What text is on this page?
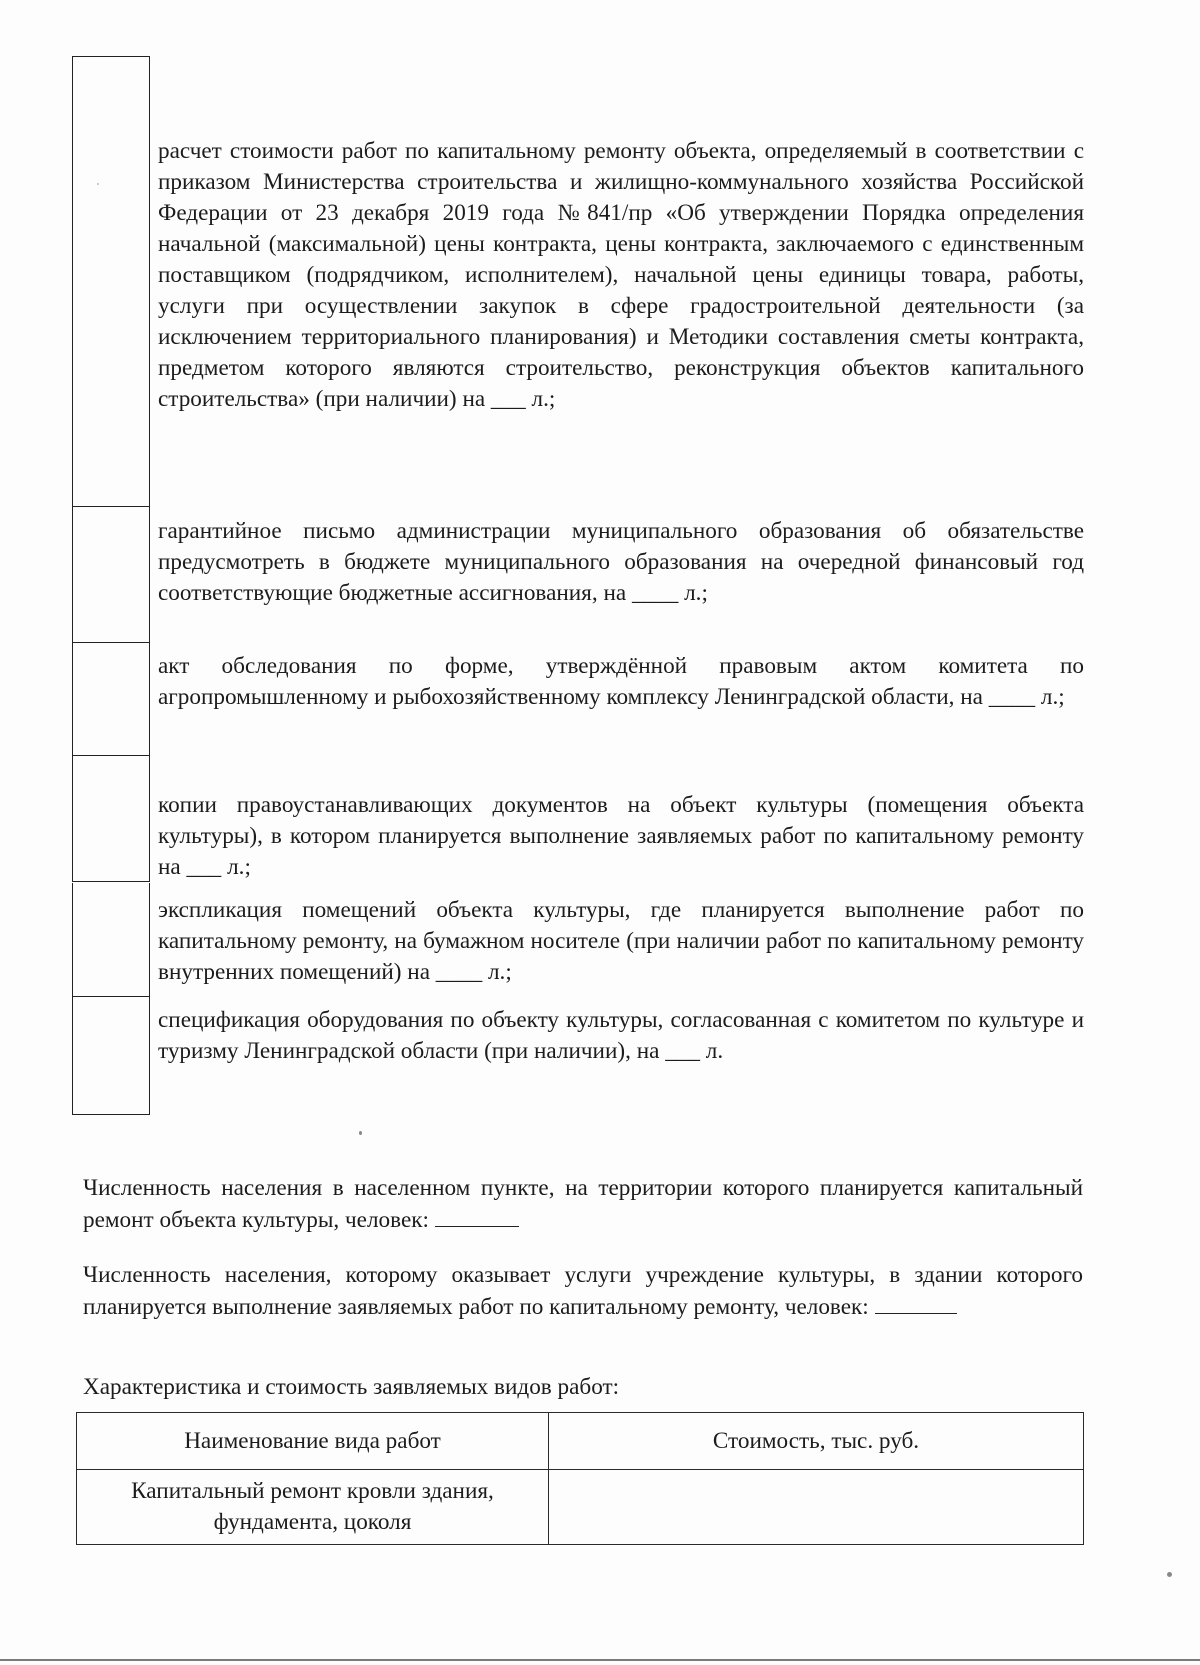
расчет стоимости работ по капитальному ремонту объекта, определяемый в соответствии с приказом Министерства строительства и жилищно-коммунального хозяйства Российской Федерации от 23 декабря 2019 года №841/пр «Об утверждении Порядка определения начальной (максимальной) цены контракта, цены контракта, заключаемого с единственным поставщиком (подрядчиком, исполнителем), начальной цены единицы товара, работы, услуги при осуществлении закупок в сфере градостроительной деятельности (за исключением территориального планирования) и Методики составления сметы контракта, предметом которого являются строительство, реконструкция объектов капитального строительства» (при наличии) на ___ л.;
гарантийное письмо администрации муниципального образования об обязательстве предусмотреть в бюджете муниципального образования на очередной финансовый год соответствующие бюджетные ассигнования, на ____ л.;
акт обследования по форме, утверждённой правовым актом комитета по агропромышленному и рыбохозяйственному комплексу Ленинградской области, на ____ л.;
копии правоустанавливающих документов на объект культуры (помещения объекта культуры), в котором планируется выполнение заявляемых работ по капитальному ремонту на ___ л.;
экспликация помещений объекта культуры, где планируется выполнение работ по капитальному ремонту, на бумажном носителе (при наличии работ по капитальному ремонту внутренних помещений) на ____ л.;
спецификация оборудования по объекту культуры, согласованная с комитетом по культуре и туризму Ленинградской области (при наличии), на ___ л.
Численность населения в населенном пункте, на территории которого планируется капитальный ремонт объекта культуры, человек:
Численность населения, которому оказывает услуги учреждение культуры, в здании которого планируется выполнение заявляемых работ по капитальному ремонту, человек:
Характеристика и стоимость заявляемых видов работ:
Наименование вида работ	Стоимость, тыс. руб.
Капитальный ремонт кровли здания, фундамента, цоколя	
